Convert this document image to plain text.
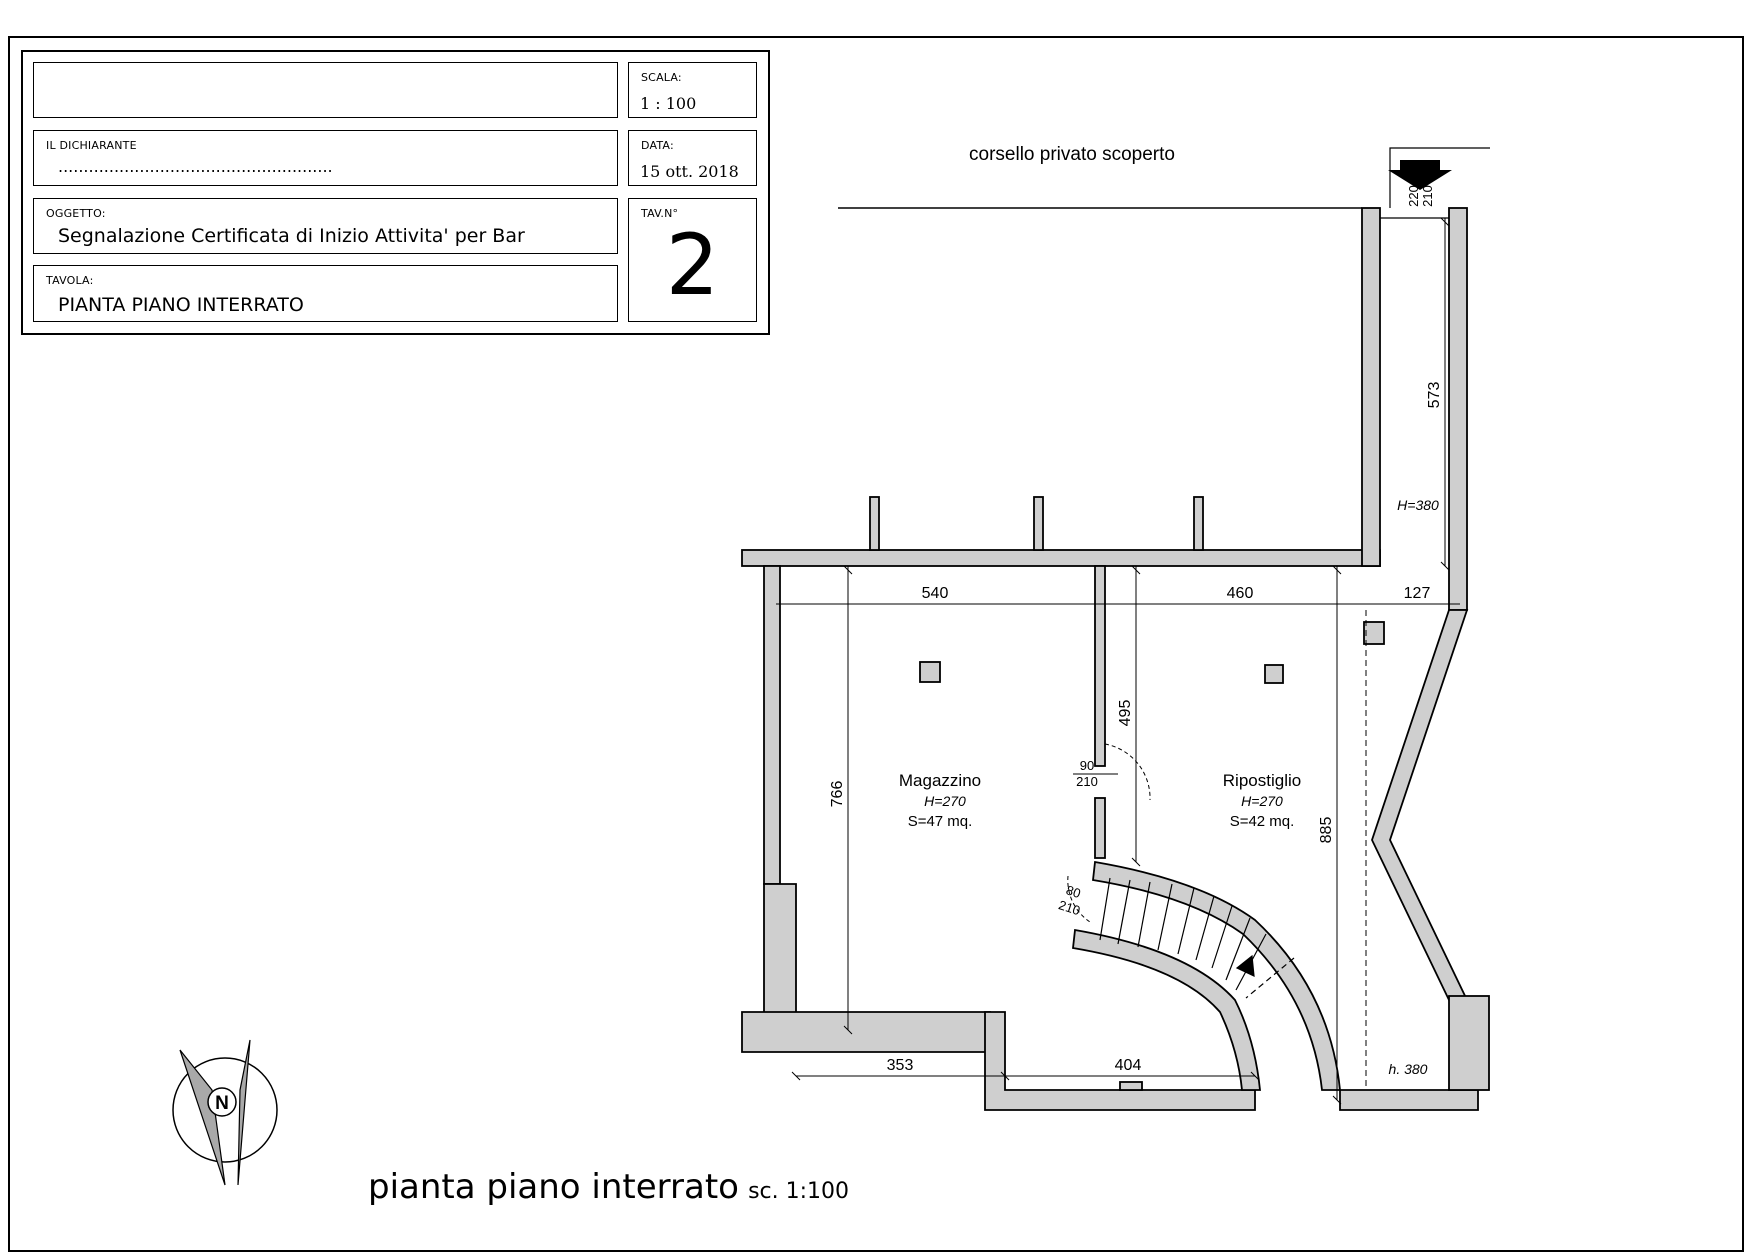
IL DICHIARANTE
......................................................
OGGETTO:
Segnalazione Certificata di Inizio Attivita' per Bar
TAVOLA:
PIANTA PIANO INTERRATO
SCALA:
1 : 100
DATA:
15 ott. 2018
TAV.N°
2
540	460	127
766
885
495
573
353	404
90
210
80
210
220 210
Magazzino
H=270
S=47 mq.
Ripostiglio
H=270
S=42 mq.
H=380
h. 380
corsello privato scoperto
N
pianta piano interrato sc. 1:100
